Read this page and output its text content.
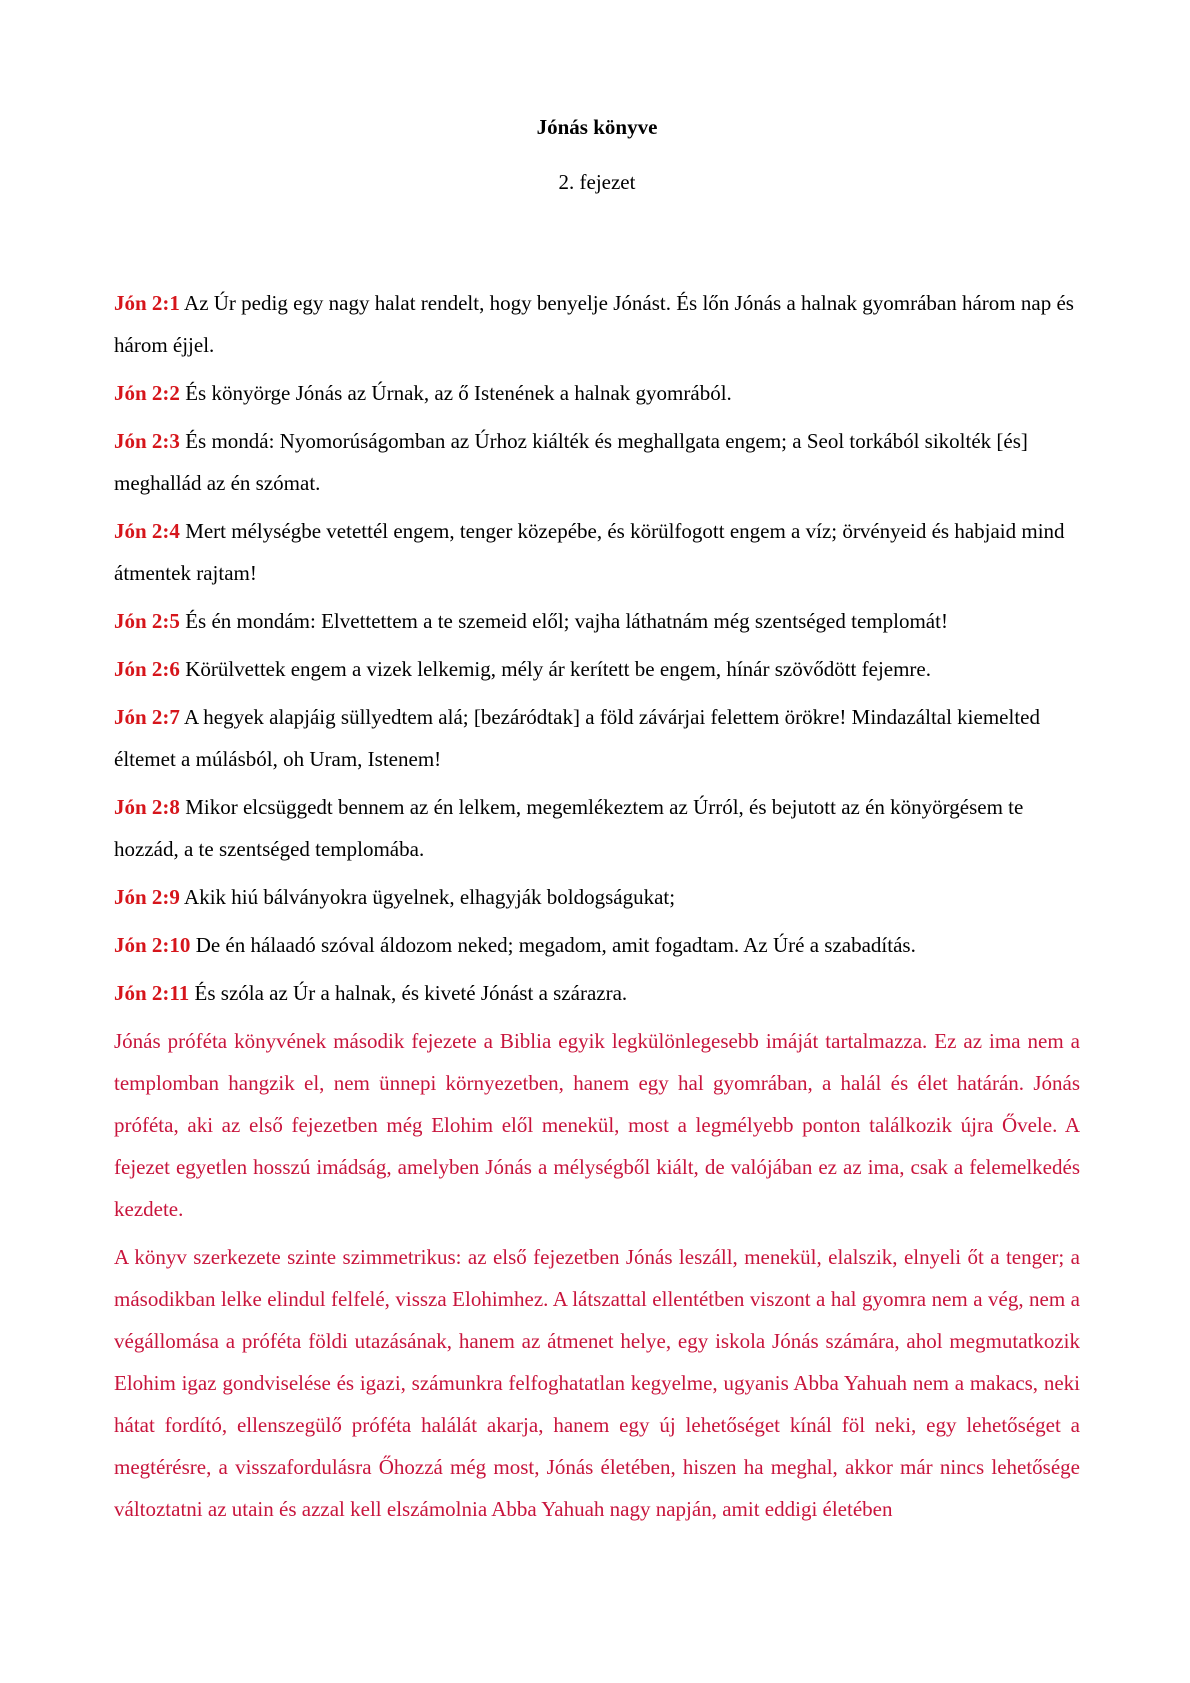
Jónás könyve
2. fejezet

Jón 2:1 Az Úr pedig egy nagy halat rendelt, hogy benyelje Jónást. És lőn Jónás a halnak gyomrában három nap és három éjjel.

Jón 2:2 És könyörge Jónás az Úrnak, az ő Istenének a halnak gyomrából.

Jón 2:3 És mondá: Nyomorúságomban az Úrhoz kiálték és meghallgata engem; a Seol torkából sikolték [és] meghallád az én szómat.

Jón 2:4 Mert mélységbe vetettél engem, tenger közepébe, és körülfogott engem a víz; örvényeid és habjaid mind átmentek rajtam!

Jón 2:5 És én mondám: Elvettettem a te szemeid elől; vajha láthatnám még szentséged templomát!

Jón 2:6 Körülvettek engem a vizek lelkemig, mély ár kerített be engem, hínár szövődött fejemre.

Jón 2:7 A hegyek alapjáig süllyedtem alá; [bezáródtak] a föld závárjai felettem örökre! Mindazáltal kiemelted éltemet a múlásból, oh Uram, Istenem!

Jón 2:8 Mikor elcsüggedt bennem az én lelkem, megemlékeztem az Úrról, és bejutott az én könyörgésem te hozzád, a te szentséged templomába.

Jón 2:9 Akik hiú bálványokra ügyelnek, elhagyják boldogságukat;

Jón 2:10 De én hálaadó szóval áldozom neked; megadom, amit fogadtam. Az Úré a szabadítás.

Jón 2:11 És szóla az Úr a halnak, és kiveté Jónást a szárazra.

Jónás próféta könyvének második fejezete a Biblia egyik legkülönlegesebb imáját tartalmazza. Ez az ima nem a templomban hangzik el, nem ünnepi környezetben, hanem egy hal gyomrában, a halál és élet határán. Jónás próféta, aki az első fejezetben még Elohim elől menekül, most a legmélyebb ponton találkozik újra Ővele. A fejezet egyetlen hosszú imádság, amelyben Jónás a mélységből kiált, de valójában ez az ima, csak a felemelkedés kezdete.

A könyv szerkezete szinte szimmetrikus: az első fejezetben Jónás leszáll, menekül, elalszik, elnyeli őt a tenger; a másodikban lelke elindul felfelé, vissza Elohimhez. A látszattal ellentétben viszont a hal gyomra nem a vég, nem a végállomása a próféta földi utazásának, hanem az átmenet helye, egy iskola Jónás számára, ahol megmutatkozik Elohim igaz gondviselése és igazi, számunkra felfoghatatlan kegyelme, ugyanis Abba Yahuah nem a makacs, neki hátat fordító, ellenszegülő próféta halálát akarja, hanem egy új lehetőséget kínál föl neki, egy lehetőséget a megtérésre, a visszafordulásra Őhozzá még most, Jónás életében, hiszen ha meghal, akkor már nincs lehetősége változtatni az utain és azzal kell elszámolnia Abba Yahuah nagy napján, amit eddigi életében
